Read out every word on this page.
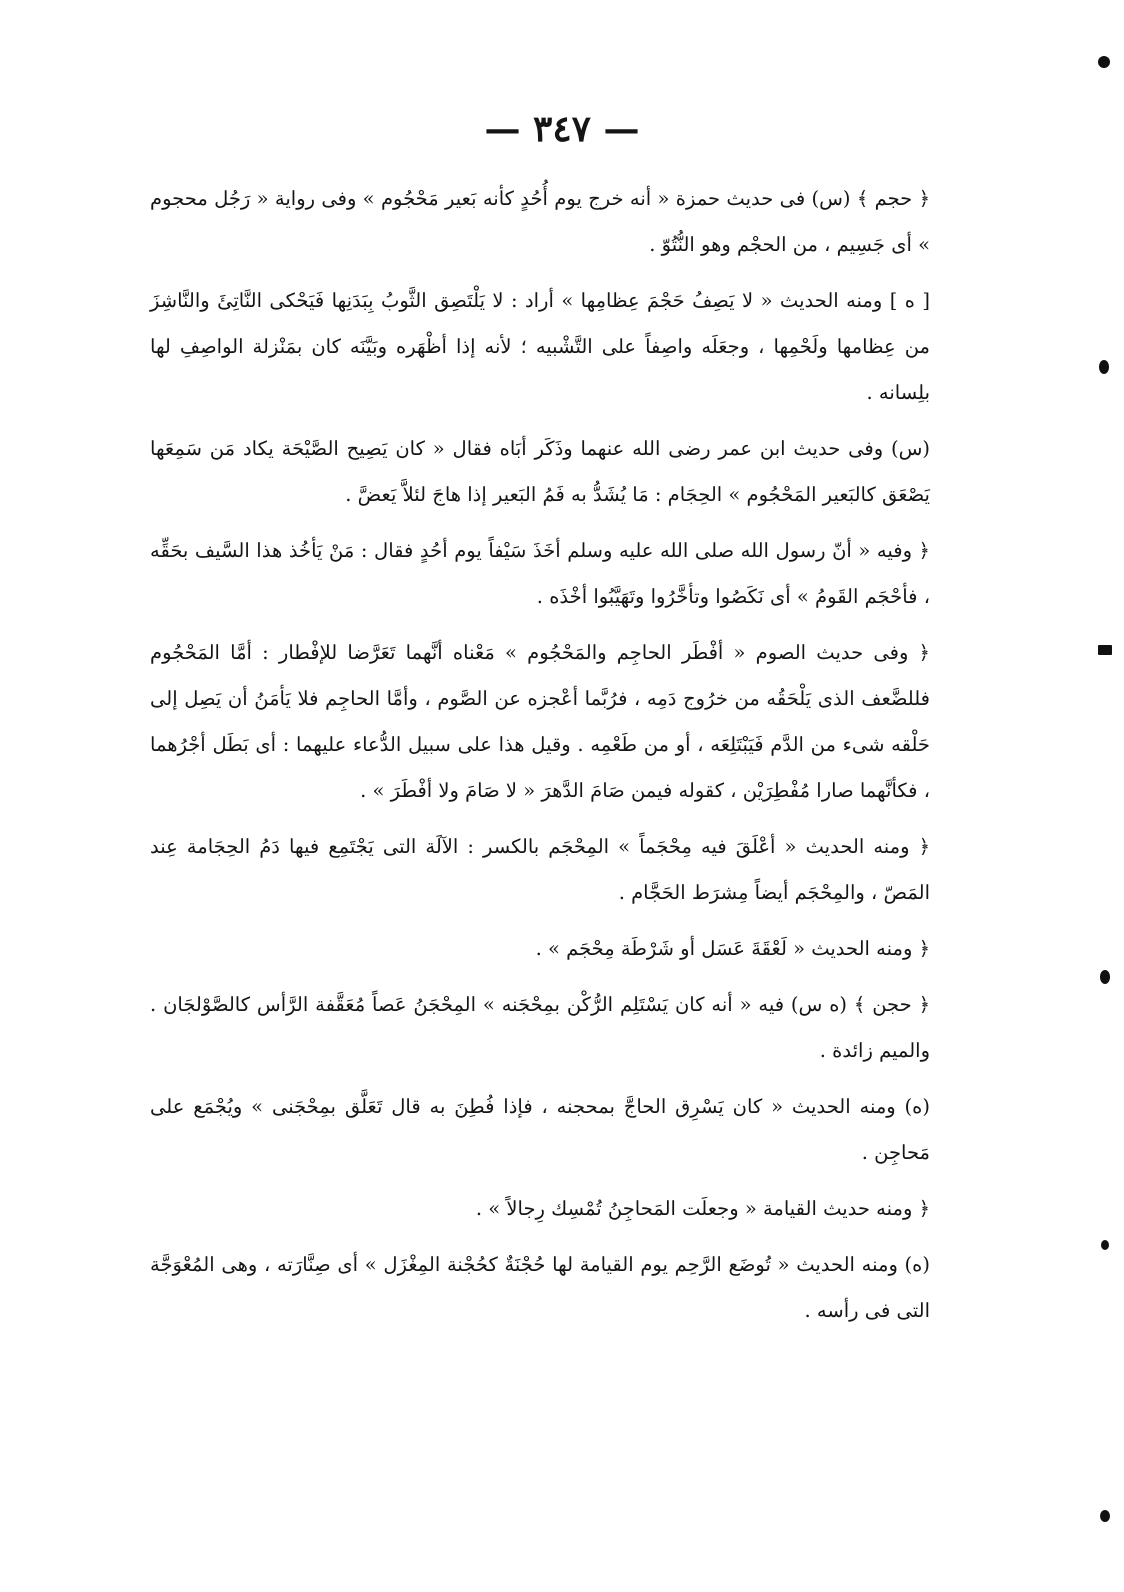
— ٣٤٧ —

﴿ حجم ﴾ (س) فى حديث حمزة « أنه خرج يوم أُحُدٍ كأنه بَعير مَحْجُوم » وفى رواية « رَجُل محجوم » أى جَسِيم ، من الحجْم وهو النُّتُوّ .

[ ه ] ومنه الحديث « لا يَصِفُ حَجْمَ عِظامِها » أراد : لا يَلْتَصِق الثَّوبُ بِبَدَنِها فَيَحْكى النَّاتِئَ والنَّاشِزَ من عِظامها ولَحْمِها ، وجعَلَه واصِفاً على التَّشْبيه ؛ لأنه إذا أظْهَره وبَيَّنَه كان بمَنْزلة الواصِفِ لها بلِسانه .

(س) وفى حديث ابن عمر رضى الله عنهما وذَكَر أبَاه فقال « كان يَصِيح الصَّيْحَة يكاد مَن سَمِعَها يَصْعَق كالبَعير المَحْجُوم » الحِجَام : مَا يُشَدُّ به فَمُ البَعير إذا هاجَ لئلاَّ يَعضَّ .

﴿ وفيه « أنّ رسول الله صلى الله عليه وسلم أخَذَ سَيْفاً يوم أحُدٍ فقال : مَنْ يَأخُذ هذا السَّيف بحَقِّه ، فأحْجَم القَومُ » أى نَكَصُوا وتأخَّرُوا وتَهَيَّبُوا أخْذَه .

﴿ وفى حديث الصوم « أفْطَر الحاجِم والمَحْجُوم » مَعْناه أنَّهما تَعَرَّضا للإفْطار : أمَّا المَحْجُوم فللضَّعف الذى يَلْحَقُه من خرُوج دَمِه ، فرُبَّما أعْجزه عن الصَّوم ، وأمَّا الحاجِم فلا يَأمَنُ أن يَصِل إلى حَلْقه شىء من الدَّم فَيَبْتَلِعَه ، أو من طَعْمِه . وقيل هذا على سبيل الدُّعاء عليهما : أى بَطَل أجْرُهما ، فكأنَّهما صارا مُفْطِرَيْن ، كقوله فيمن صَامَ الدَّهرَ « لا صَامَ ولا أفْطَرَ » .

﴿ ومنه الحديث « أعْلَقَ فيه مِحْجَماً » المِحْجَم بالكسر : الآلَة التى يَجْتَمِع فيها دَمُ الحِجَامة عِند المَصّ ، والمِحْجَم أيضاً مِشرَط الحَجَّام .

﴿ ومنه الحديث « لَعْقَةَ عَسَل أو شَرْطَة مِحْجَم » .

﴿ حجن ﴾ (ه س) فيه « أنه كان يَسْتَلِم الرُّكْن بمِحْجَنه » المِحْجَنُ عَصاً مُعَقَّفة الرَّأس كالصَّوْلجَان . والميم زائدة .

(ه) ومنه الحديث « كان يَسْرِق الحاجَّ بمحجنه ، فإذا فُطِنَ به قال تَعَلَّق بمِحْجَنى » ويُجْمَع على مَحاجِن .

﴿ ومنه حديث القيامة « وجعلَت المَحاجِنُ تُمْسِك رِجالاً » .

(ه) ومنه الحديث « تُوضَع الرَّحِم يوم القيامة لها حُجْنَةٌ كحُجْنة المِغْزَل » أى صِنَّارَته ، وهى المُعْوَجَّة التى فى رأسه .
